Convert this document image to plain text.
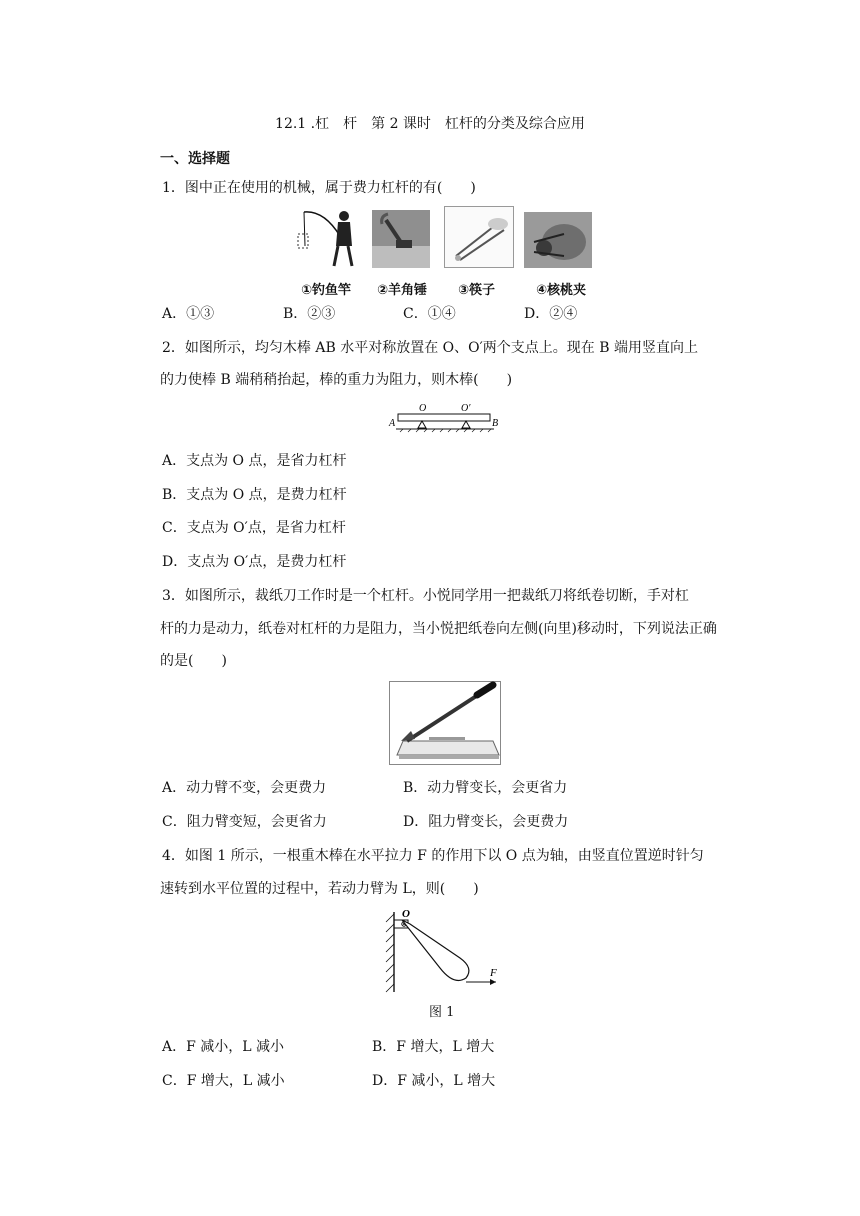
12.1 .杠　杆　第 2 课时　杠杆的分类及综合应用
一、选择题
1．图中正在使用的机械，属于费力杠杆的有(　　)
①钓鱼竿 ②羊角锤 ③筷子	④核桃夹
A．①③	B．②③	C．①④	D．②④
2．如图所示，均匀木棒 AB 水平对称放置在 O、O′两个支点上。现在 B 端用竖直向上
的力使棒 B 端稍稍抬起，棒的重力为阻力，则木棒(　　)
A	B
O	O′
A．支点为 O 点，是省力杠杆
B．支点为 O 点，是费力杠杆
C．支点为 O′点，是省力杠杆
D．支点为 O′点，是费力杠杆
3．如图所示，裁纸刀工作时是一个杠杆。小悦同学用一把裁纸刀将纸卷切断，手对杠
杆的力是动力，纸卷对杠杆的力是阻力，当小悦把纸卷向左侧(向里)移动时，下列说法正确
的是(　　)
A．动力臂不变，会更费力	B．动力臂变长，会更省力
C．阻力臂变短，会更省力	D．阻力臂变长，会更费力
4．如图 1 所示，一根重木棒在水平拉力 F 的作用下以 O 点为轴，由竖直位置逆时针匀
速转到水平位置的过程中，若动力臂为 L，则(　　)
O
F
图 1
A．F 减小，L 减小	B．F 增大，L 增大
C．F 增大，L 减小	D．F 减小，L 增大
